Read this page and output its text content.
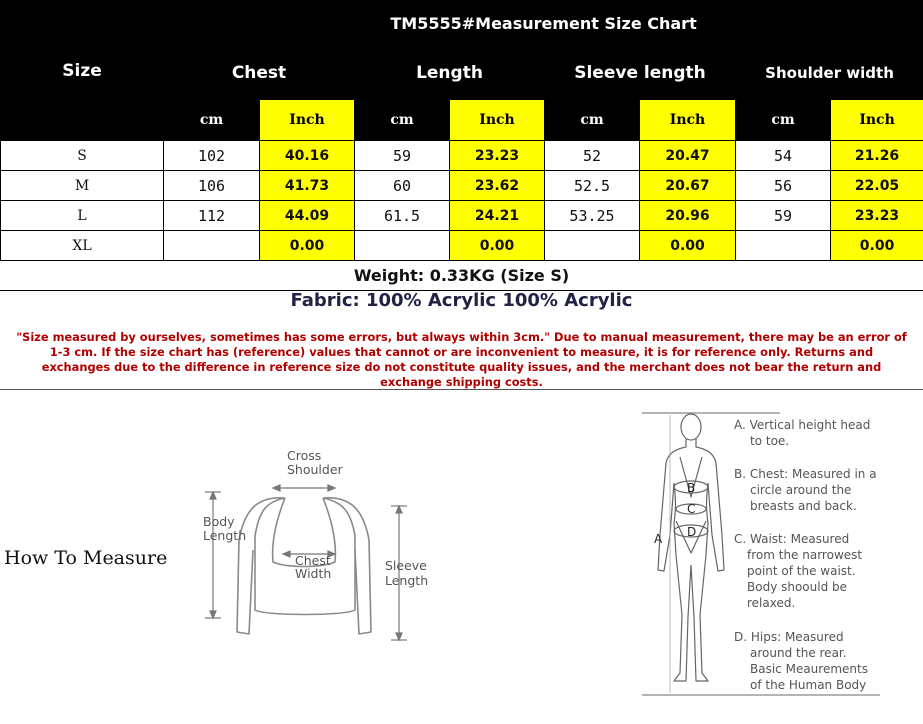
Size	TM5555#Measurement Size Chart							
	Chest		Length		Sleeve length		Shoulder width	
	cm	Inch	cm	Inch	cm	Inch	cm	Inch
S	102	40.16	59	23.23	52	20.47	54	21.26
M	106	41.73	60	23.62	52.5	20.67	56	22.05
L	112	44.09	61.5	24.21	53.25	20.96	59	23.23
XL		0.00		0.00		0.00		0.00
Weight: 0.33KG (Size S)
Fabric: 100% Acrylic 100% Acrylic
"Size measured by ourselves, sometimes has some errors, but always within 3cm." Due to manual measurement, there may be an error of 1-3 cm. If the size chart has (reference) values that cannot or are inconvenient to measure, it is for reference only. Returns and exchanges due to the difference in reference size do not constitute quality issues, and the merchant does not bear the return and exchange shipping costs.
How To Measure
Cross
Shoulder
Body
Length
Chest
Width
Sleeve
Length
A
B
C
D
A. Vertical height head
to toe.
B. Chest: Measured in a
circle around the
breasts and back.
C. Waist: Measured
from the narrowest
point of the waist.
Body shoould be
relaxed.
D. Hips: Measured
around the rear.
Basic Meaurements
of the Human Body
